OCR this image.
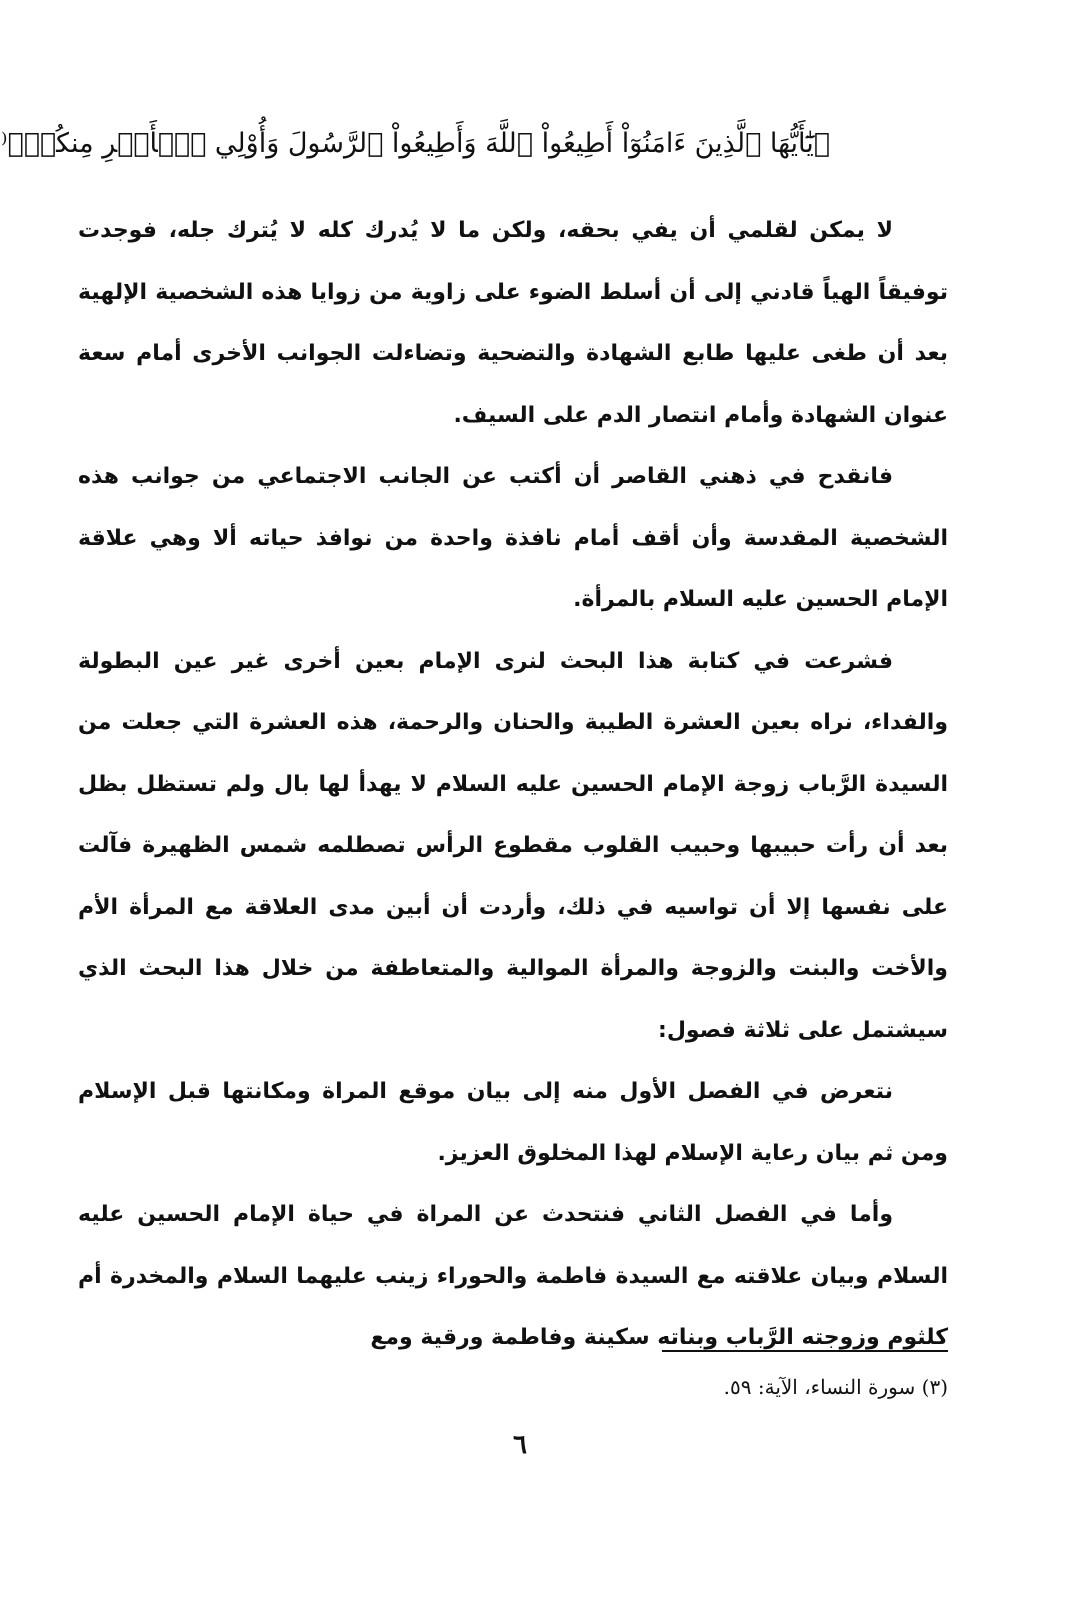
﴿يَٰٓأَيُّهَا ٱلَّذِينَ ءَامَنُوٓاْ أَطِيعُواْ ٱللَّهَ وَأَطِيعُواْ ٱلرَّسُولَ وَأُوْلِي ٱلۡأَمۡرِ مِنكُمۡ﴾⁽

لا يمكن لقلمي أن يفي بحقه، ولكن ما لا يُدرك كله لا يُترك جله، فوجدت توفيقاً الهياً قادني إلى أن أسلط الضوء على زاوية من زوايا هذه الشخصية الإلهية بعد أن طغى عليها طابع الشهادة والتضحية وتضاءلت الجوانب الأخرى أمام سعة عنوان الشهادة وأمام انتصار الدم على السيف.

فانقدح في ذهني القاصر أن أكتب عن الجانب الاجتماعي من جوانب هذه الشخصية المقدسة وأن أقف أمام نافذة واحدة من نوافذ حياته ألا وهي علاقة الإمام الحسين عليه السلام بالمرأة.

فشرعت في كتابة هذا البحث لنرى الإمام بعين أخرى غير عين البطولة والفداء، نراه بعين العشرة الطيبة والحنان والرحمة، هذه العشرة التي جعلت من السيدة الرَّباب زوجة الإمام الحسين عليه السلام لا يهدأ لها بال ولم تستظل بظل بعد أن رأت حبيبها وحبيب القلوب مقطوع الرأس تصطلمه شمس الظهيرة فآلت على نفسها إلا أن تواسيه في ذلك، وأردت أن أبين مدى العلاقة مع المرأة الأم والأخت والبنت والزوجة والمرأة الموالية والمتعاطفة من خلال هذا البحث الذي سيشتمل على ثلاثة فصول:

نتعرض في الفصل الأول منه إلى بيان موقع المراة ومكانتها قبل الإسلام ومن ثم بيان رعاية الإسلام لهذا المخلوق العزيز.

وأما في الفصل الثاني فنتحدث عن المراة في حياة الإمام الحسين عليه السلام وبيان علاقته مع السيدة فاطمة والحوراء زينب عليهما السلام والمخدرة أم كلثوم وزوجته الرَّباب وبناته سكينة وفاطمة ورقية ومع

(٣) سورة النساء، الآية: ٥٩.
٦
